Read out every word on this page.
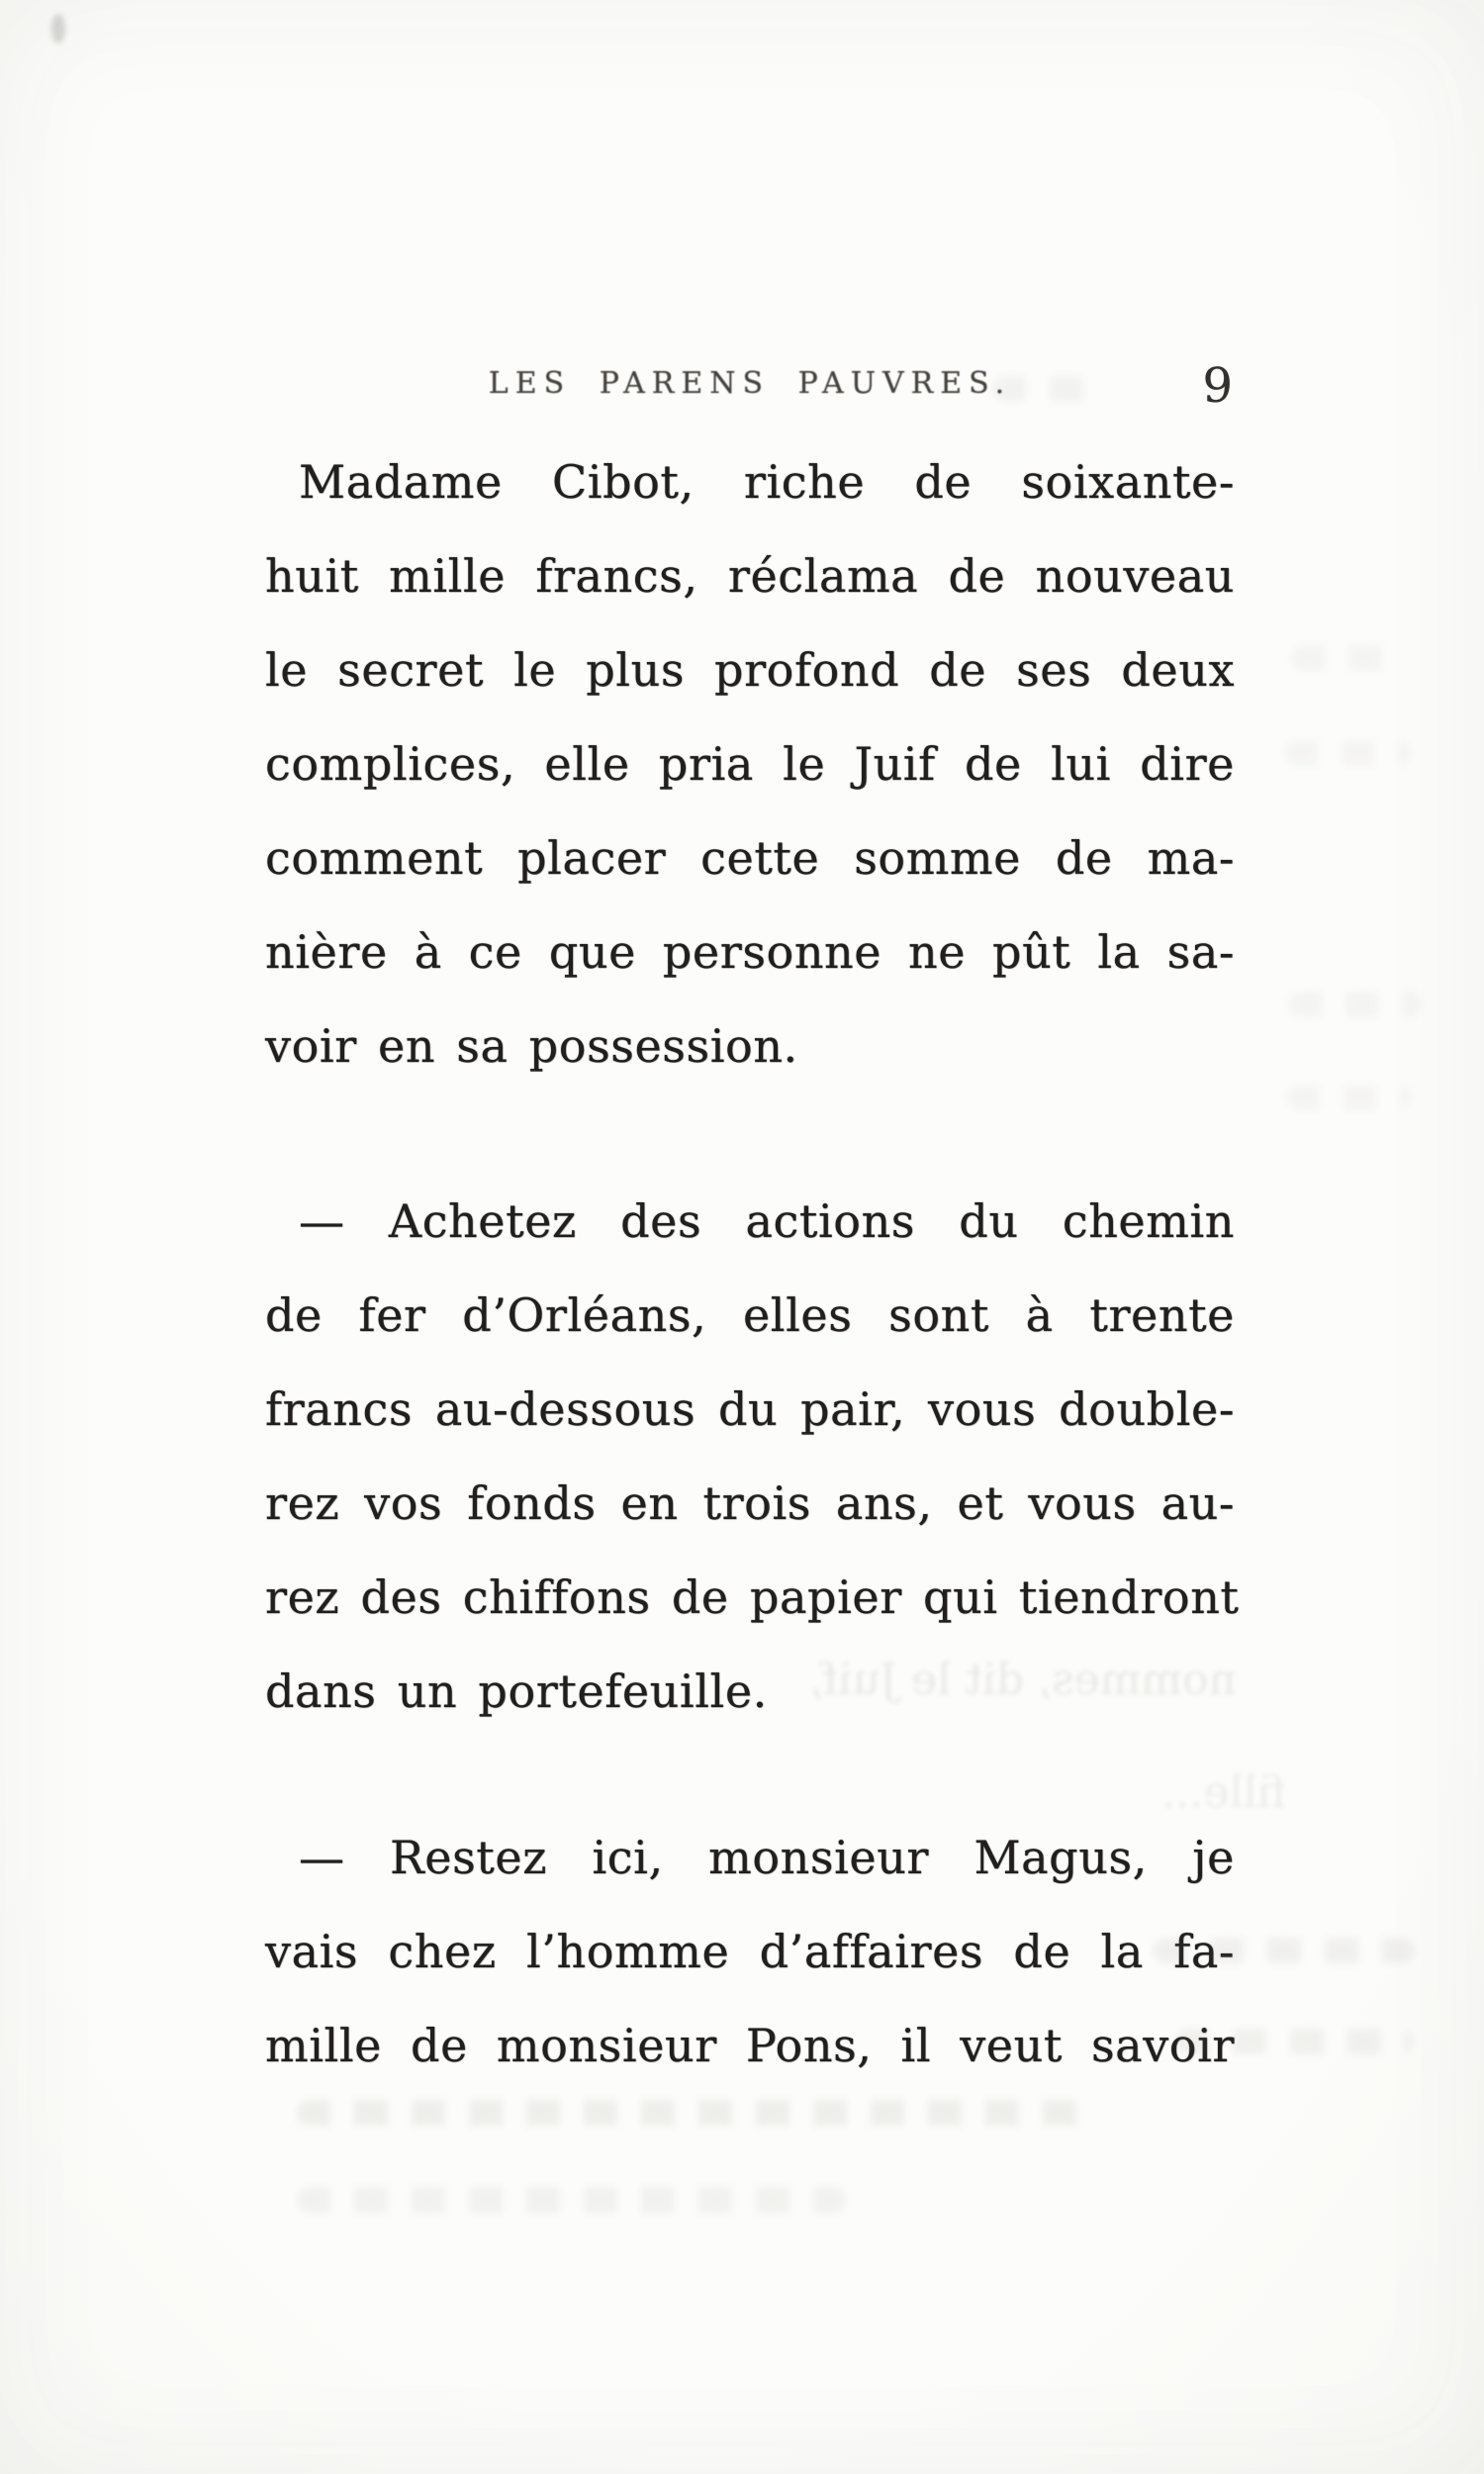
LES PARENS PAUVRES.	9
Madame Cibot, riche de soixante-
huit mille francs, réclama de nouveau
le secret le plus profond de ses deux
complices, elle pria le Juif de lui dire
comment placer cette somme de ma-
nière à ce que personne ne pût la sa-
voir en sa possession.
— Achetez des actions du chemin
de fer d’Orléans, elles sont à trente
francs au-dessous du pair, vous double-
rez vos fonds en trois ans, et vous au-
rez des chiffons de papier qui tiendront
dans un portefeuille.
— Restez ici, monsieur Magus, je
vais chez l’homme d’affaires de la fa-
mille de monsieur Pons, il veut savoir
nommes, dit le Juif,
fille...
